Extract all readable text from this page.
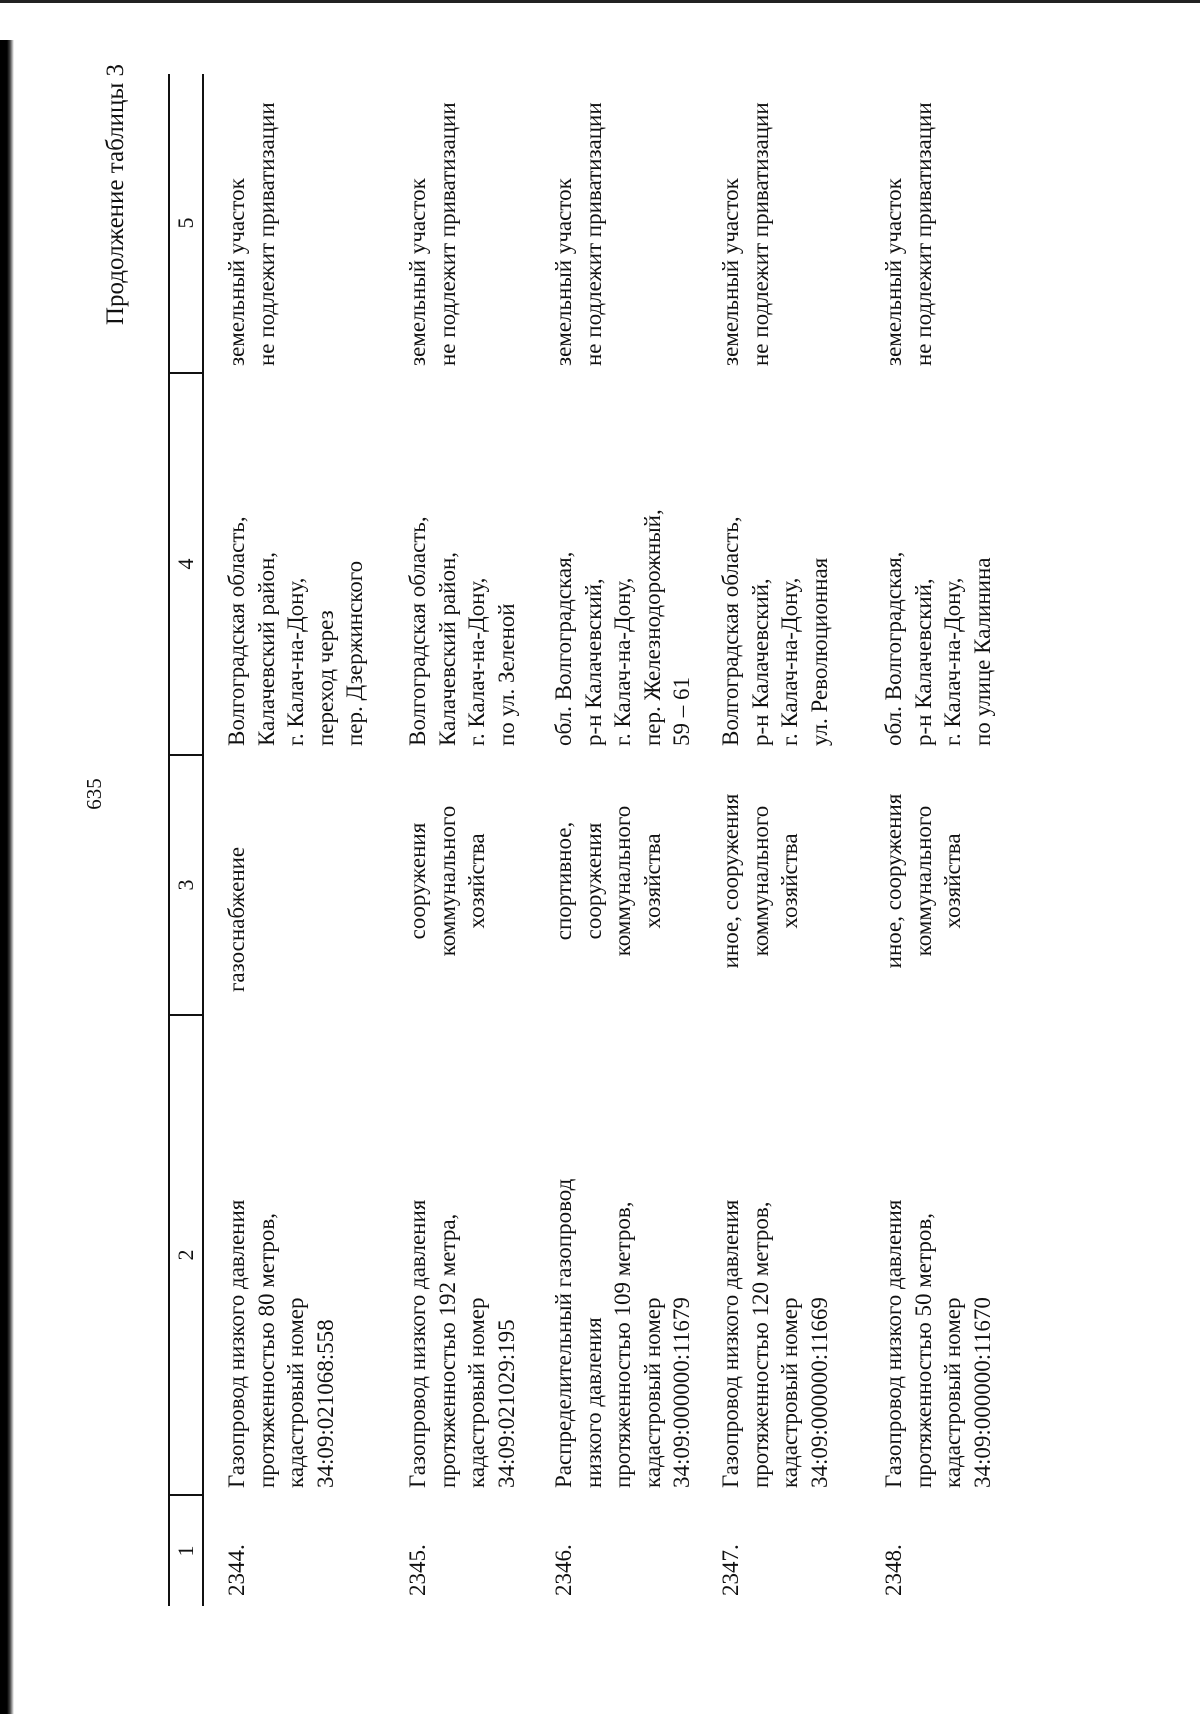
635
Продолжение таблицы 3
1
2
3
4
5
2344.
Газопровод низкого давления протяженностью 80 метров, кадастровый номер 34:09:021068:558
газоснабжение
Волгоградская область, Калачевский район, г. Калач-на-Дону, переход через пер. Дзержинского
земельный участок не подлежит приватизации
2345.
Газопровод низкого давления протяженностью 192 метра, кадастровый номер 34:09:021029:195
сооружения коммунального хозяйства
Волгоградская область, Калачевский район, г. Калач-на-Дону, по ул. Зеленой
земельный участок не подлежит приватизации
2346.
Распределительный газопровод низкого давления протяженностью 109 метров, кадастровый номер 34:09:000000:11679
спортивное, сооружения коммунального хозяйства
обл. Волгоградская, р-н Калачевский, г. Калач-на-Дону, пер. Железнодорожный, 59 – 61
земельный участок не подлежит приватизации
2347.
Газопровод низкого давления протяженностью 120 метров, кадастровый номер 34:09:000000:11669
иное, сооружения коммунального хозяйства
Волгоградская область, р-н Калачевский, г. Калач-на-Дону, ул. Революционная
земельный участок не подлежит приватизации
2348.
Газопровод низкого давления протяженностью 50 метров, кадастровый номер 34:09:000000:11670
иное, сооружения коммунального хозяйства
обл. Волгоградская, р-н Калачевский, г. Калач-на-Дону, по улице Калинина
земельный участок не подлежит приватизации
